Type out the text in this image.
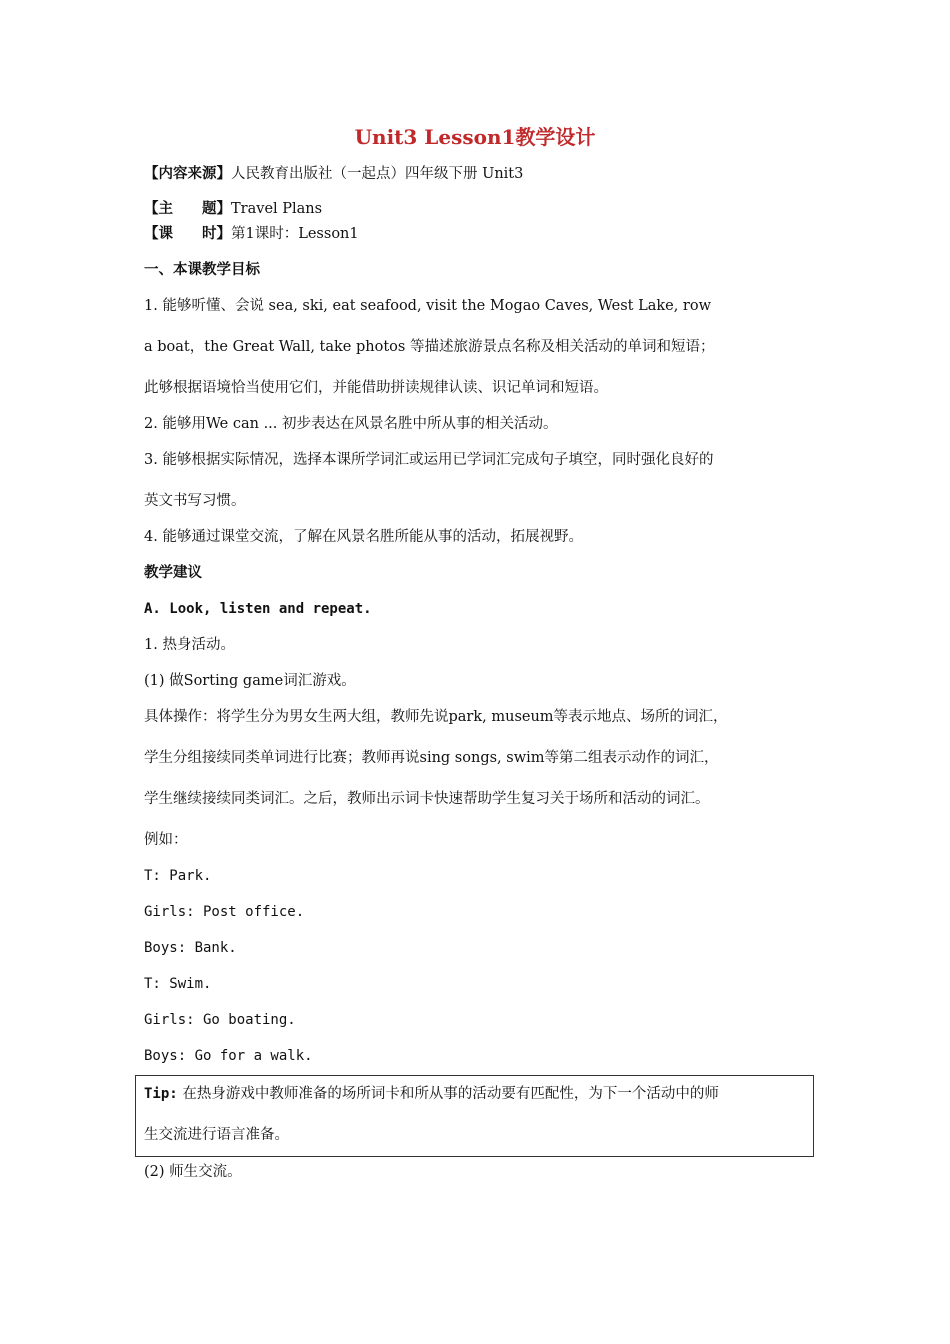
Unit3 Lesson1教学设计
【内容来源】人民教育出版社（一起点）四年级下册 Unit3
【主　　题】Travel Plans
【课　　时】第1课时：Lesson1
一、本课教学目标
1. 能够听懂、会说 sea, ski, eat seafood, visit the Mogao Caves, West Lake, row
a boat，the Great Wall, take photos 等描述旅游景点名称及相关活动的单词和短语；
此够根据语境恰当使用它们，并能借助拼读规律认读、识记单词和短语。
2. 能够用We can ... 初步表达在风景名胜中所从事的相关活动。
3. 能够根据实际情况，选择本课所学词汇或运用已学词汇完成句子填空，同时强化良好的
英文书写习惯。
4. 能够通过课堂交流，了解在风景名胜所能从事的活动，拓展视野。
教学建议
A. Look, listen and repeat.
1. 热身活动。
(1) 做Sorting game词汇游戏。
具体操作：将学生分为男女生两大组，教师先说park, museum等表示地点、场所的词汇，
学生分组接续同类单词进行比赛；教师再说sing songs, swim等第二组表示动作的词汇，
学生继续接续同类词汇。之后，教师出示词卡快速帮助学生复习关于场所和活动的词汇。
例如：
T: Park.
Girls: Post office.
Boys: Bank.
T: Swim.
Girls: Go boating.
Boys: Go for a walk.
Tip: 在热身游戏中教师准备的场所词卡和所从事的活动要有匹配性，为下一个活动中的师
生交流进行语言准备。
(2) 师生交流。
